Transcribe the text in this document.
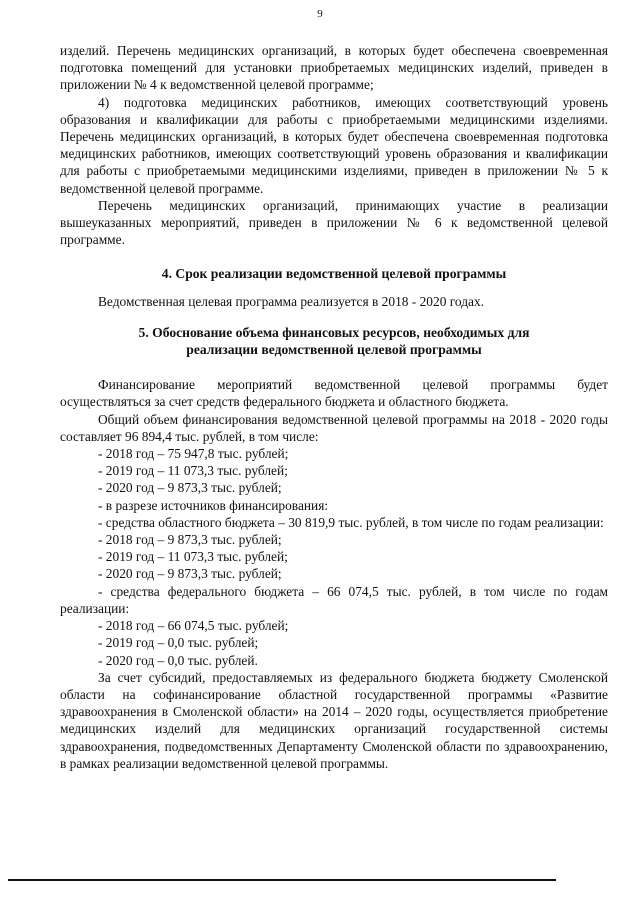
9

изделий. Перечень медицинских организаций, в которых будет обеспечена своевременная подготовка помещений для установки приобретаемых медицинских изделий, приведен в приложении № 4 к ведомственной целевой программе;

4) подготовка медицинских работников, имеющих соответствующий уровень образования и квалификации для работы с приобретаемыми медицинскими изделиями. Перечень медицинских организаций, в которых будет обеспечена своевременная подготовка медицинских работников, имеющих соответствующий уровень образования и квалификации для работы с приобретаемыми медицинскими изделиями, приведен в приложении № 5 к ведомственной целевой программе.

Перечень медицинских организаций, принимающих участие в реализации вышеуказанных мероприятий, приведен в приложении № 6 к ведомственной целевой программе.

4. Срок реализации ведомственной целевой программы

Ведомственная целевая программа реализуется в 2018 - 2020 годах.

5. Обоснование объема финансовых ресурсов, необходимых для
реализации ведомственной целевой программы

Финансирование мероприятий ведомственной целевой программы будет осуществляться за счет средств федерального бюджета и областного бюджета.

Общий объем финансирования ведомственной целевой программы на 2018 - 2020 годы составляет 96 894,4 тыс. рублей, в том числе:

- 2018 год – 75 947,8 тыс. рублей;

- 2019 год – 11 073,3 тыс. рублей;

- 2020 год – 9 873,3 тыс. рублей;

- в разрезе источников финансирования:

- средства областного бюджета – 30 819,9 тыс. рублей, в том числе по годам реализации:

- 2018 год – 9 873,3 тыс. рублей;

- 2019 год – 11 073,3 тыс. рублей;

- 2020 год – 9 873,3 тыс. рублей;

- средства федерального бюджета – 66 074,5 тыс. рублей, в том числе по годам реализации:

- 2018 год – 66 074,5 тыс. рублей;

- 2019 год – 0,0 тыс. рублей;

- 2020 год – 0,0 тыс. рублей.

За счет субсидий, предоставляемых из федерального бюджета бюджету Смоленской области на софинансирование областной государственной программы «Развитие здравоохранения в Смоленской области» на 2014 – 2020 годы, осуществляется приобретение медицинских изделий для медицинских организаций государственной системы здравоохранения, подведомственных Департаменту Смоленской области по здравоохранению, в рамках реализации ведомственной целевой программы.
